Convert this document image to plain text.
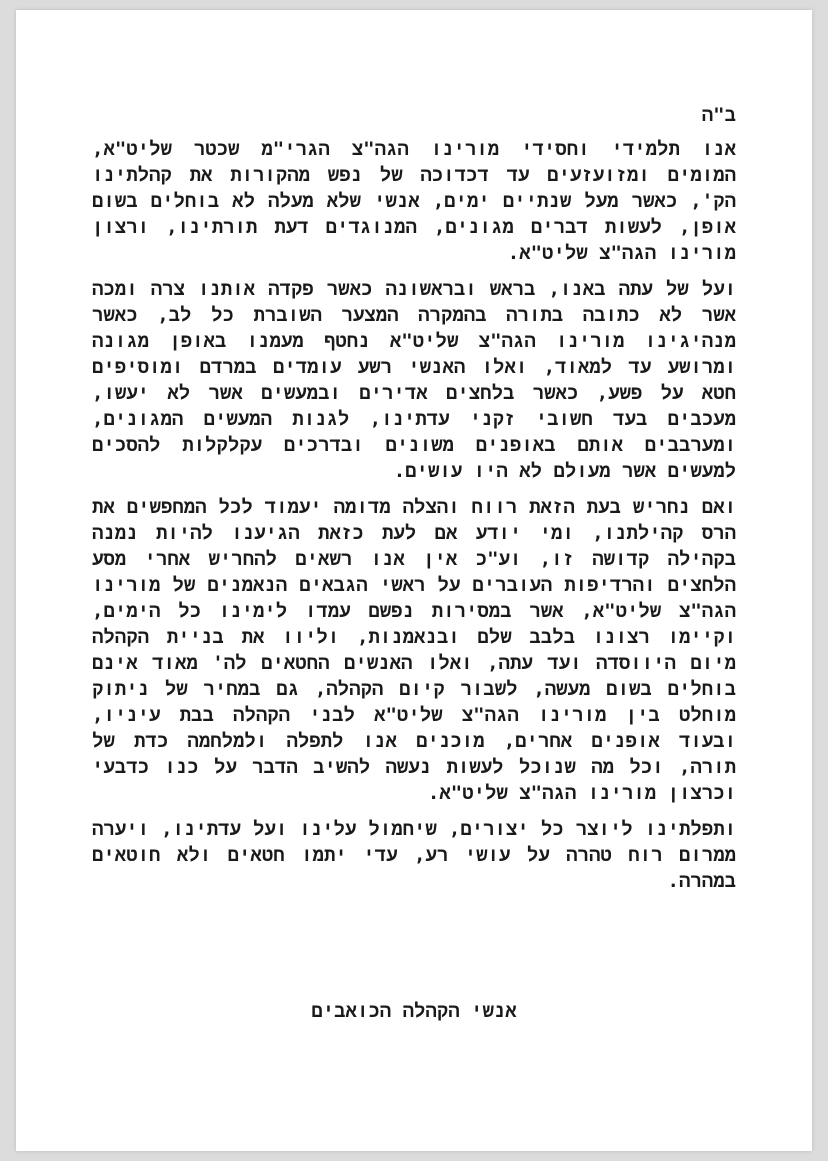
ב"ה

אנו תלמידי וחסידי מורינו הגה"צ הגרי"מ שכטר שליט"א, המומים ומזועזעים עד דכדוכה של נפש מהקורות את קהלתינו הק', כאשר מעל שנתיים ימים, אנשי שלא מעלה לא בוחלים בשום אופן, לעשות דברים מגונים, המנוגדים דעת תורתינו, ורצון מורינו הגה"צ שליט"א.

ועל של עתה באנו, בראש ובראשונה כאשר פקדה אותנו צרה ומכה אשר לא כתובה בתורה בהמקרה המצער השוברת כל לב, כאשר מנהיגינו מורינו הגה"צ שליט"א נחטף מעמנו באופן מגונה ומרושע עד למאוד, ואלו האנשי רשע עומדים במרדם ומוסיפים חטא על פשע, כאשר בלחצים אדירים ובמעשים אשר לא יעשו, מעכבים בעד חשובי זקני עדתינו, לגנות המעשים המגונים, ומערבבים אותם באופנים משונים ובדרכים עקלקלות להסכים למעשים אשר מעולם לא היו עושים.

ואם נחריש בעת הזאת רווח והצלה מדומה יעמוד לכל המחפשים את הרס קהילתנו, ומי יודע אם לעת כזאת הגיענו להיות נמנה בקהילה קדושה זו, וע"כ אין אנו רשאים להחריש אחרי מסע הלחצים והרדיפות העוברים על ראשי הגבאים הנאמנים של מורינו הגה"צ שליט"א, אשר במסירות נפשם עמדו לימינו כל הימים, וקיימו רצונו בלבב שלם ובנאמנות, וליוו את בניית הקהלה מיום היווסדה ועד עתה, ואלו האנשים החטאים לה' מאוד אינם בוחלים בשום מעשה, לשבור קיום הקהלה, גם במחיר של ניתוק מוחלט בין מורינו הגה"צ שליט"א לבני הקהלה בבת עיניו, ובעוד אופנים אחרים, מוכנים אנו לתפלה ולמלחמה כדת של תורה, וכל מה שנוכל לעשות נעשה להשיב הדבר על כנו כדבעי וכרצון מורינו הגה"צ שליט"א.

ותפלתינו ליוצר כל יצורים, שיחמול עלינו ועל עדתינו, ויערה ממרום רוח טהרה על עושי רע, עדי יתמו חטאים ולא חוטאים במהרה.

אנשי הקהלה הכואבים
